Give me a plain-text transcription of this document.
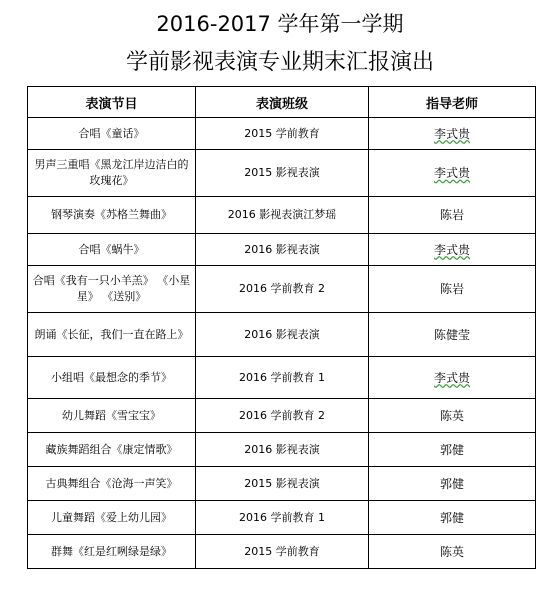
2016-2017 学年第一学期
学前影视表演专业期末汇报演出
表演节目	表演班级	指导老师
合唱《童话》	2015 学前教育	李式贵
男声三重唱《黑龙江岸边洁白的玫瑰花》	2015 影视表演	李式贵
钢琴演奏《苏格兰舞曲》	2016 影视表演江梦瑶	陈岩
合唱《蜗牛》	2016 影视表演	李式贵
合唱《我有一只小羊羔》 《小星星》 《送别》	2016 学前教育 2	陈岩
朗诵《长征，我们一直在路上》	2016 影视表演	陈健莹
小组唱《最想念的季节》	2016 学前教育 1	李式贵
幼儿舞蹈《雪宝宝》	2016 学前教育 2	陈英
藏族舞蹈组合《康定情歌》	2016 影视表演	郭健
古典舞组合《沧海一声笑》	2015 影视表演	郭健
儿童舞蹈《爱上幼儿园》	2016 学前教育 1	郭健
群舞《红是红咧绿是绿》	2015 学前教育	陈英
